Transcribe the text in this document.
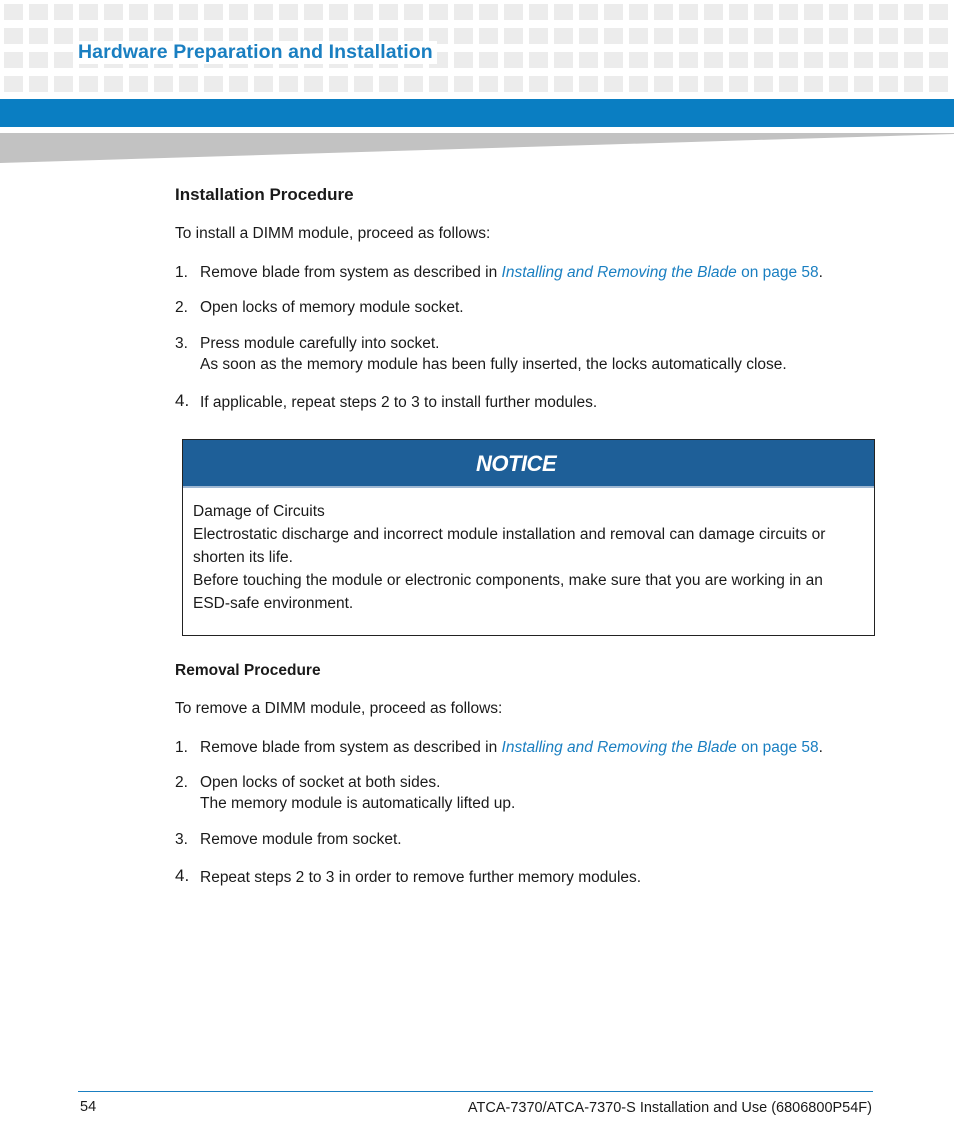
Hardware Preparation and Installation
Installation Procedure

To install a DIMM module, proceed as follows:

1. Remove blade from system as described in Installing and Removing the Blade on page 58.
2. Open locks of memory module socket.
3. Press module carefully into socket.
As soon as the memory module has been fully inserted, the locks automatically close.
4. If applicable, repeat steps 2 to 3 to install further modules.
NOTICE

Damage of Circuits

Electrostatic discharge and incorrect module installation and removal can damage circuits or shorten its life.

Before touching the module or electronic components, make sure that you are working in an ESD-safe environment.

Removal Procedure

To remove a DIMM module, proceed as follows:

1. Remove blade from system as described in Installing and Removing the Blade on page 58.
2. Open locks of socket at both sides.
The memory module is automatically lifted up.
3. Remove module from socket.
4. Repeat steps 2 to 3 in order to remove further memory modules.
54	ATCA-7370/ATCA-7370-S Installation and Use (6806800P54F)
